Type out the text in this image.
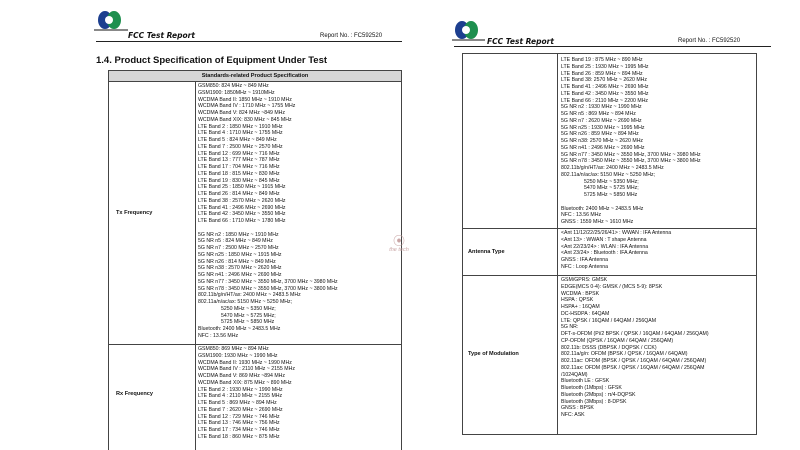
FCC Test Report	Report No. : FC592520
1.4. Product Specification of Equipment Under Test
Standards-related Product Specification
Tx Frequency
GSM850: 824 MHz ~ 849 MHz
GSM1900: 1850MHz ~ 1910MHz
WCDMA Band II: 1850 MHz ~ 1910 MHz
WCDMA Band IV : 1710 MHz ~ 1755 MHz
WCDMA Band V: 824 MHz ~849 MHz
WCDMA Band XIX: 830 MHz ~ 845 MHz
LTE Band 2 : 1850 MHz ~ 1910 MHz
LTE Band 4 : 1710 MHz ~ 1755 MHz
LTE Band 5 : 824 MHz ~ 849 MHz
LTE Band 7 : 2500 MHz ~ 2570 MHz
LTE Band 12 : 699 MHz ~ 716 MHz
LTE Band 13 : 777 MHz ~ 787 MHz
LTE Band 17 : 704 MHz ~ 716 MHz
LTE Band 18 : 815 MHz ~ 830 MHz
LTE Band 19 : 830 MHz ~ 845 MHz
LTE Band 25 : 1850 MHz ~ 1915 MHz
LTE Band 26 : 814 MHz ~ 849 MHz
LTE Band 38 : 2570 MHz ~ 2620 MHz
LTE Band 41 : 2496 MHz ~ 2690 MHz
LTE Band 42 : 3450 MHz ~ 3550 MHz
LTE Band 66 : 1710 MHz ~ 1780 MHz
5G NR n2 : 1850 MHz ~ 1910 MHz
5G NR n5 : 824 MHz ~ 849 MHz
5G NR n7 : 2500 MHz ~ 2570 MHz
5G NR n25 : 1850 MHz ~ 1915 MHz
5G NR n26 : 814 MHz ~ 849 MHz
5G NR n38 : 2570 MHz ~ 2620 MHz
5G NR n41 : 2496 MHz ~ 2690 MHz
5G NR n77 : 3450 MHz ~ 3550 MHz, 3700 MHz ~ 3980 MHz
5G NR n78 : 3450 MHz ~ 3550 MHz, 3700 MHz ~ 3800 MHz
802.11b/g/n/HT/ax: 2400 MHz ~ 2483.5 MHz
802.11a/n/ac/ax: 5150 MHz ~ 5250 MHz;
5250 MHz ~ 5350 MHz;
5470 MHz ~ 5725 MHz;
5725 MHz ~ 5850 MHz
Bluetooth: 2400 MHz ~ 2483.5 MHz
NFC : 13.56 MHz
Rx Frequency
GSM850: 869 MHz ~ 894 MHz
GSM1900: 1930 MHz ~ 1990 MHz
WCDMA Band II: 1930 MHz ~ 1990 MHz
WCDMA Band IV : 2110 MHz ~ 2155 MHz
WCDMA Band V: 869 MHz ~894 MHz
WCDMA Band XIX: 875 MHz ~ 890 MHz
LTE Band 2 : 1930 MHz ~ 1990 MHz
LTE Band 4 : 2110 MHz ~ 2155 MHz
LTE Band 5 : 869 MHz ~ 894 MHz
LTE Band 7 : 2620 MHz ~ 2690 MHz
LTE Band 12 : 729 MHz ~ 746 MHz
LTE Band 13 : 746 MHz ~ 756 MHz
LTE Band 17 : 734 MHz ~ 746 MHz
LTE Band 18 : 860 MHz ~ 875 MHz
⦿
the tech
FCC Test Report	Report No. : FC592520
LTE Band 19 : 875 MHz ~ 890 MHz
LTE Band 25 : 1930 MHz ~ 1995 MHz
LTE Band 26 : 859 MHz ~ 894 MHz
LTE Band 38: 2570 MHz ~ 2620 MHz
LTE Band 41 : 2496 MHz ~ 2690 MHz
LTE Band 42 : 3450 MHz ~ 3550 MHz
LTE Band 66 : 2110 MHz ~ 2200 MHz
5G NR n2 : 1930 MHz ~ 1990 MHz
5G NR n5 : 869 MHz ~ 894 MHz
5G NR n7 : 2620 MHz ~ 2690 MHz
5G NR n25 : 1930 MHz ~ 1995 MHz
5G NR n26 : 859 MHz ~ 894 MHz
5G NR n38: 2570 MHz ~ 2620 MHz
5G NR n41 : 2496 MHz ~ 2690 MHz
5G NR n77 : 3450 MHz ~ 3550 MHz, 3700 MHz ~ 3980 MHz
5G NR n78 : 3450 MHz ~ 3550 MHz, 3700 MHz ~ 3800 MHz
802.11b/g/n/HT/ax: 2400 MHz ~ 2483.5 MHz
802.11a/n/ac/ax: 5150 MHz ~ 5250 MHz;
5250 MHz ~ 5350 MHz;
5470 MHz ~ 5725 MHz;
5725 MHz ~ 5850 MHz
Bluetooth: 2400 MHz ~ 2483.5 MHz
NFC : 13.56 MHz
GNSS : 1559 MHz ~ 1610 MHz
Antenna Type
<Ant 11/12/22/25/26/41> : WWAN : IFA Antenna
<Ant 13> : WWAN : T shape Antenna
<Ant 22/23/24> : WLAN : IFA Antenna
<Ant 23/24> : Bluetooth : IFA Antenna
GNSS : IFA Antenna
NFC : Loop Antenna
Type of Modulation
GSM/GPRS: GMSK
EDGE(MCS 0-4): GMSK / (MCS 5-9): 8PSK
WCDMA : BPSK
HSPA : QPSK
HSPA+ : 16QAM
DC-HSDPA : 64QAM
LTE: QPSK / 16QAM / 64QAM / 256QAM
5G NR:
DFT-s-OFDM (Pi/2 BPSK / QPSK / 16QAM / 64QAM / 256QAM)
CP-OFDM (QPSK / 16QAM / 64QAM / 256QAM)
802.11b: DSSS (DBPSK / DQPSK / CCK)
802.11a/g/n: OFDM (BPSK / QPSK / 16QAM / 64QAM)
802.11ac: OFDM (BPSK / QPSK / 16QAM / 64QAM / 256QAM)
802.11ax: OFDM (BPSK / QPSK / 16QAM / 64QAM / 256QAM
/1024QAM)
Bluetooth LE : GFSK
Bluetooth (1Mbps) : GFSK
Bluetooth (2Mbps) : π/4-DQPSK
Bluetooth (3Mbps) : 8-DPSK
GNSS : BPSK
NFC: ASK
